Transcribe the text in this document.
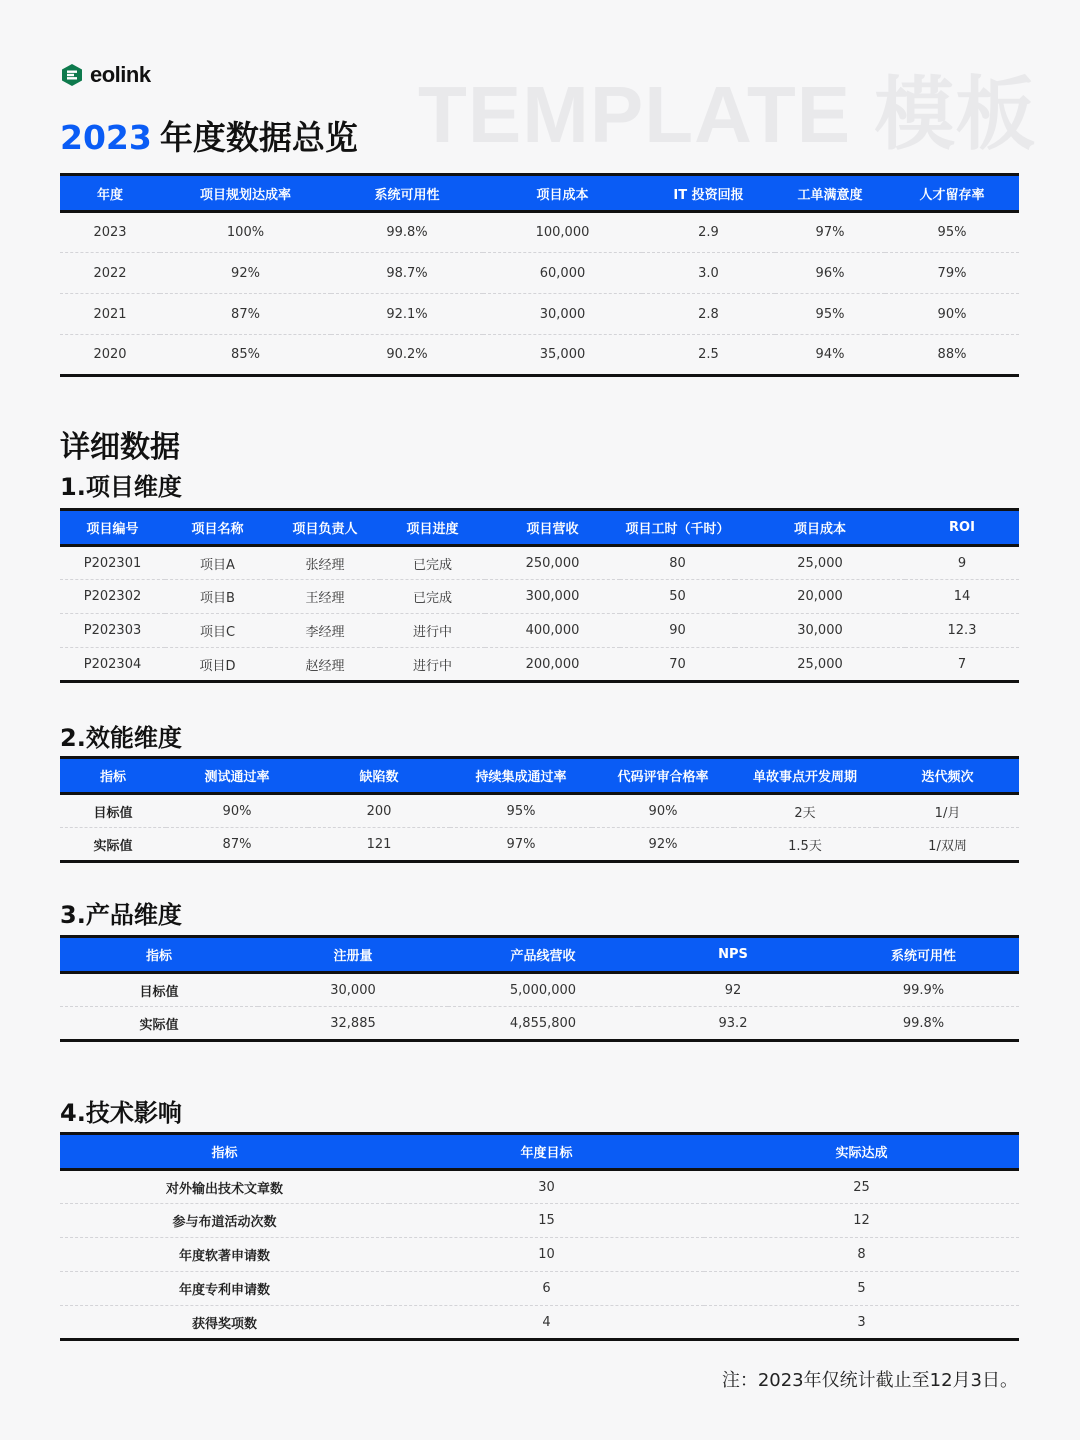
eolink	TEMPLATE 模板
2023 年度数据总览
年度	项目规划达成率	系统可用性	项目成本	IT 投资回报	工单满意度	人才留存率
2023	100%	99.8%	100,000	2.9	97%	95%
2022	92%	98.7%	60,000	3.0	96%	79%
2021	87%	92.1%	30,000	2.8	95%	90%
2020	85%	90.2%	35,000	2.5	94%	88%
详细数据
1.项目维度
项目编号	项目名称	项目负责人	项目进度	项目营收	项目工时（千时）	项目成本	ROI
P202301	项目A	张经理	已完成	250,000	80	25,000	9
P202302	项目B	王经理	已完成	300,000	50	20,000	14
P202303	项目C	李经理	进行中	400,000	90	30,000	12.3
P202304	项目D	赵经理	进行中	200,000	70	25,000	7
2.效能维度
指标	测试通过率	缺陷数	持续集成通过率	代码评审合格率	单故事点开发周期	迭代频次
目标值	90%	200	95%	90%	2天	1/月
实际值	87%	121	97%	92%	1.5天	1/双周
3.产品维度
指标	注册量	产品线营收	NPS	系统可用性
目标值	30,000	5,000,000	92	99.9%
实际值	32,885	4,855,800	93.2	99.8%
4.技术影响
指标	年度目标	实际达成
对外输出技术文章数	30	25
参与布道活动次数	15	12
年度软著申请数	10	8
年度专利申请数	6	5
获得奖项数	4	3
注：2023年仅统计截止至12月3日。
